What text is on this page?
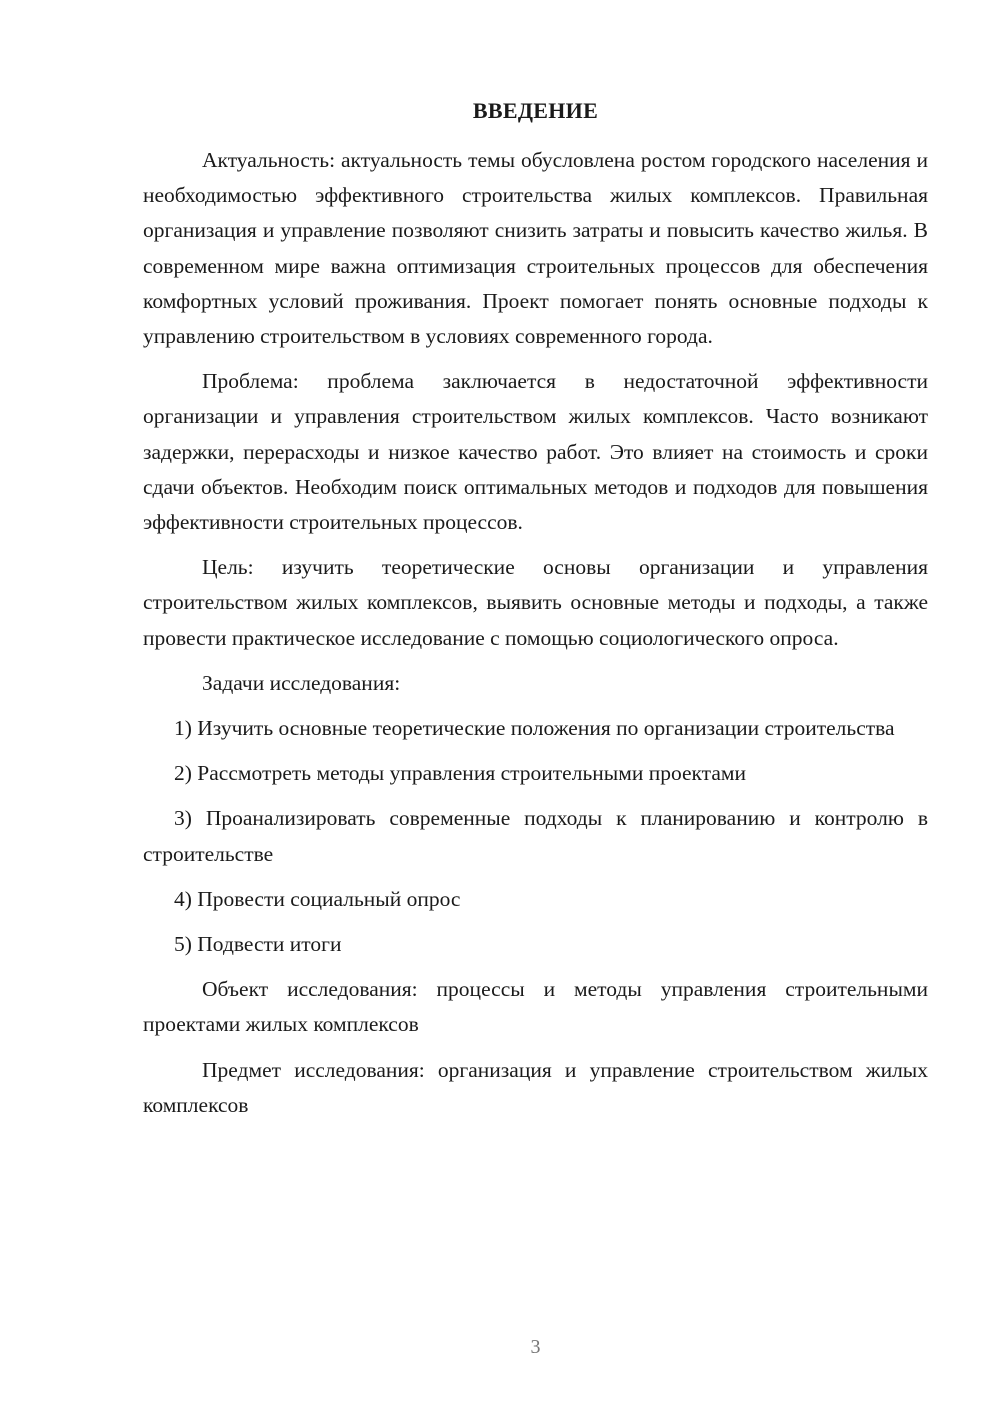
ВВЕДЕНИЕ

Актуальность: актуальность темы обусловлена ростом городского населения и необходимостью эффективного строительства жилых комплексов. Правильная организация и управление позволяют снизить затраты и повысить качество жилья. В современном мире важна оптимизация строительных процессов для обеспечения комфортных условий проживания. Проект помогает понять основные подходы к управлению строительством в условиях современного города.

Проблема: проблема заключается в недостаточной эффективности организации и управления строительством жилых комплексов. Часто возникают задержки, перерасходы и низкое качество работ. Это влияет на стоимость и сроки сдачи объектов. Необходим поиск оптимальных методов и подходов для повышения эффективности строительных процессов.

Цель: изучить теоретические основы организации и управления строительством жилых комплексов, выявить основные методы и подходы, а также провести практическое исследование с помощью социологического опроса.

Задачи исследования:

1) Изучить основные теоретические положения по организации строительства

2) Рассмотреть методы управления строительными проектами

3) Проанализировать современные подходы к планированию и контролю в строительстве

4) Провести социальный опрос

5) Подвести итоги

Объект исследования: процессы и методы управления строительными проектами жилых комплексов

Предмет исследования: организация и управление строительством жилых комплексов

3
